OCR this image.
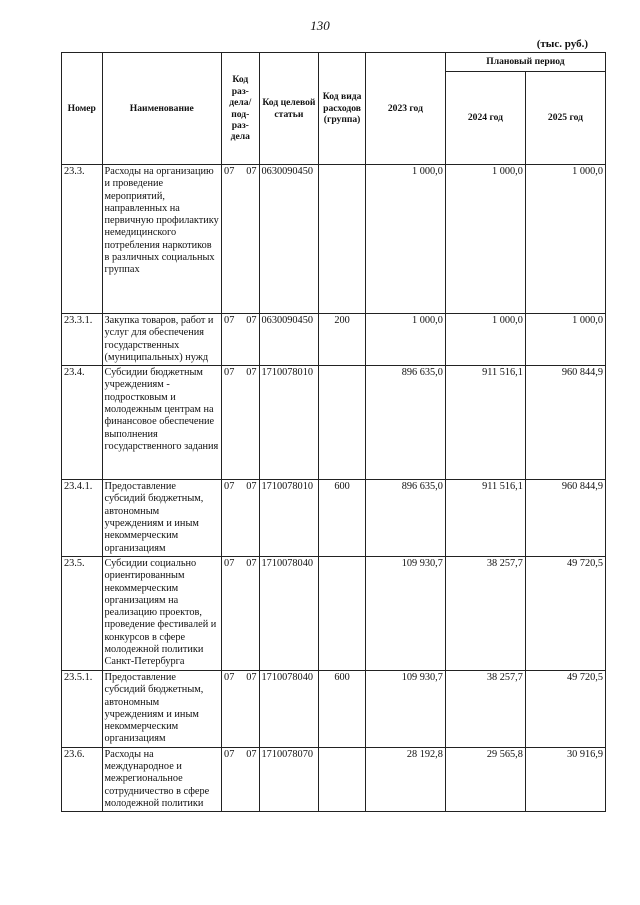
130
(тыс. руб.)
Номер	Наименование	Код раз-дела/ под-раз-дела	Код целевой статьи	Код вида расходов (группа)	2023 год	Плановый период	
						2024 год	2025 год
23.3.	Расходы на организацию и проведение мероприятий, направленных на первичную профилактику немедицинского потребления наркотиков в различных социальных группах	07 07	0630090450		1 000,0	1 000,0	1 000,0
23.3.1.	Закупка товаров, работ и услуг для обеспечения государственных (муниципальных) нужд	07 07	0630090450	200	1 000,0	1 000,0	1 000,0
23.4.	Субсидии бюджетным учреждениям - подростковым и молодежным центрам на финансовое обеспечение выполнения государственного задания	07 07	1710078010		896 635,0	911 516,1	960 844,9
23.4.1.	Предоставление субсидий бюджетным, автономным учреждениям и иным некоммерческим организациям	07 07	1710078010	600	896 635,0	911 516,1	960 844,9
23.5.	Субсидии социально ориентированным некоммерческим организациям на реализацию проектов, проведение фестивалей и конкурсов в сфере молодежной политики Санкт-Петербурга	07 07	1710078040		109 930,7	38 257,7	49 720,5
23.5.1.	Предоставление субсидий бюджетным, автономным учреждениям и иным некоммерческим организациям	07 07	1710078040	600	109 930,7	38 257,7	49 720,5
23.6.	Расходы на международное и межрегиональное сотрудничество в сфере молодежной политики	07 07	1710078070		28 192,8	29 565,8	30 916,9
